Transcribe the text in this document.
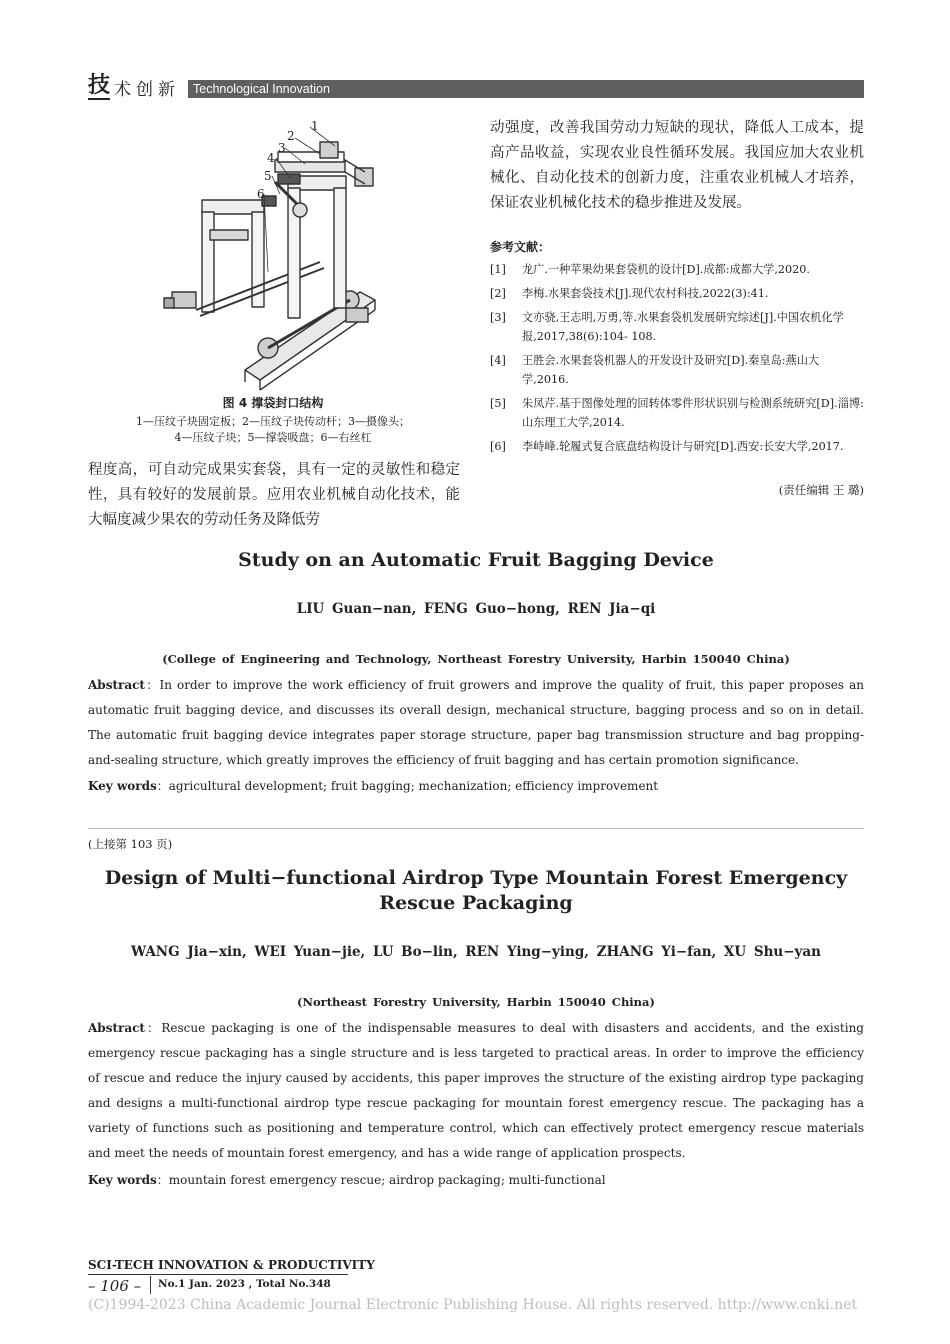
技 术创新	Technological Innovation
1
2
3
4
5
6
图 4 撑袋封口结构
1—压纹子块固定板；2—压纹子块传动杆；3—摄像头；
4—压纹子块；5—撑袋吸盘；6—右丝杠
程度高，可自动完成果实套袋，具有一定的灵敏性和稳定性，具有较好的发展前景。应用农业机械自动化技术，能大幅度减少果农的劳动任务及降低劳
动强度，改善我国劳动力短缺的现状，降低人工成本，提高产品收益，实现农业良性循环发展。我国应加大农业机械化、自动化技术的创新力度，注重农业机械人才培养，保证农业机械化技术的稳步推进及发展。
参考文献：
[1]	龙广.一种苹果幼果套袋机的设计[D].成都:成都大学,2020.
[2]	李梅.水果套袋技术[J].现代农村科技,2022(3):41.
[3]	文亦骁,王志明,万勇,等.水果套袋机发展研究综述[J].中国农机化学报,2017,38(6):104- 108.
[4]	王胜会.水果套袋机器人的开发设计及研究[D].秦皇岛:燕山大学,2016.
[5]	朱凤芹.基于图像处理的回转体零件形状识别与检测系统研究[D].淄博:山东理工大学,2014.
[6]	李峙峰.轮履式复合底盘结构设计与研究[D].西安:长安大学,2017.
(责任编辑 王 璐)
Study on an Automatic Fruit Bagging Device
LIU Guan−nan, FENG Guo−hong, REN Jia−qi
(College of Engineering and Technology, Northeast Forestry University, Harbin 150040 China)
Abstract：In order to improve the work efficiency of fruit growers and improve the quality of fruit, this paper proposes an automatic fruit bagging device, and discusses its overall design, mechanical structure, bagging process and so on in detail. The automatic fruit bagging device integrates paper storage structure, paper bag transmission structure and bag propping-and-sealing structure, which greatly improves the efficiency of fruit bagging and has certain promotion significance.
Key words：agricultural development; fruit bagging; mechanization; efficiency improvement
(上接第 103 页)
Design of Multi−functional Airdrop Type Mountain Forest Emergency Rescue Packaging
WANG Jia−xin, WEI Yuan−jie, LU Bo−lin, REN Ying−ying, ZHANG Yi−fan, XU Shu−yan
(Northeast Forestry University, Harbin 150040 China)
Abstract：Rescue packaging is one of the indispensable measures to deal with disasters and accidents, and the existing emergency rescue packaging has a single structure and is less targeted to practical areas. In order to improve the efficiency of rescue and reduce the injury caused by accidents, this paper improves the structure of the existing airdrop type packaging and designs a multi-functional airdrop type rescue packaging for mountain forest emergency rescue. The packaging has a variety of functions such as positioning and temperature control, which can effectively protect emergency rescue materials and meet the needs of mountain forest emergency, and has a wide range of application prospects.
Key words：mountain forest emergency rescue; airdrop packaging; multi-functional
SCI-TECH INNOVATION & PRODUCTIVITY
– 106 – No.1 Jan. 2023 , Total No.348
(C)1994-2023 China Academic Journal Electronic Publishing House. All rights reserved. http://www.cnki.net
